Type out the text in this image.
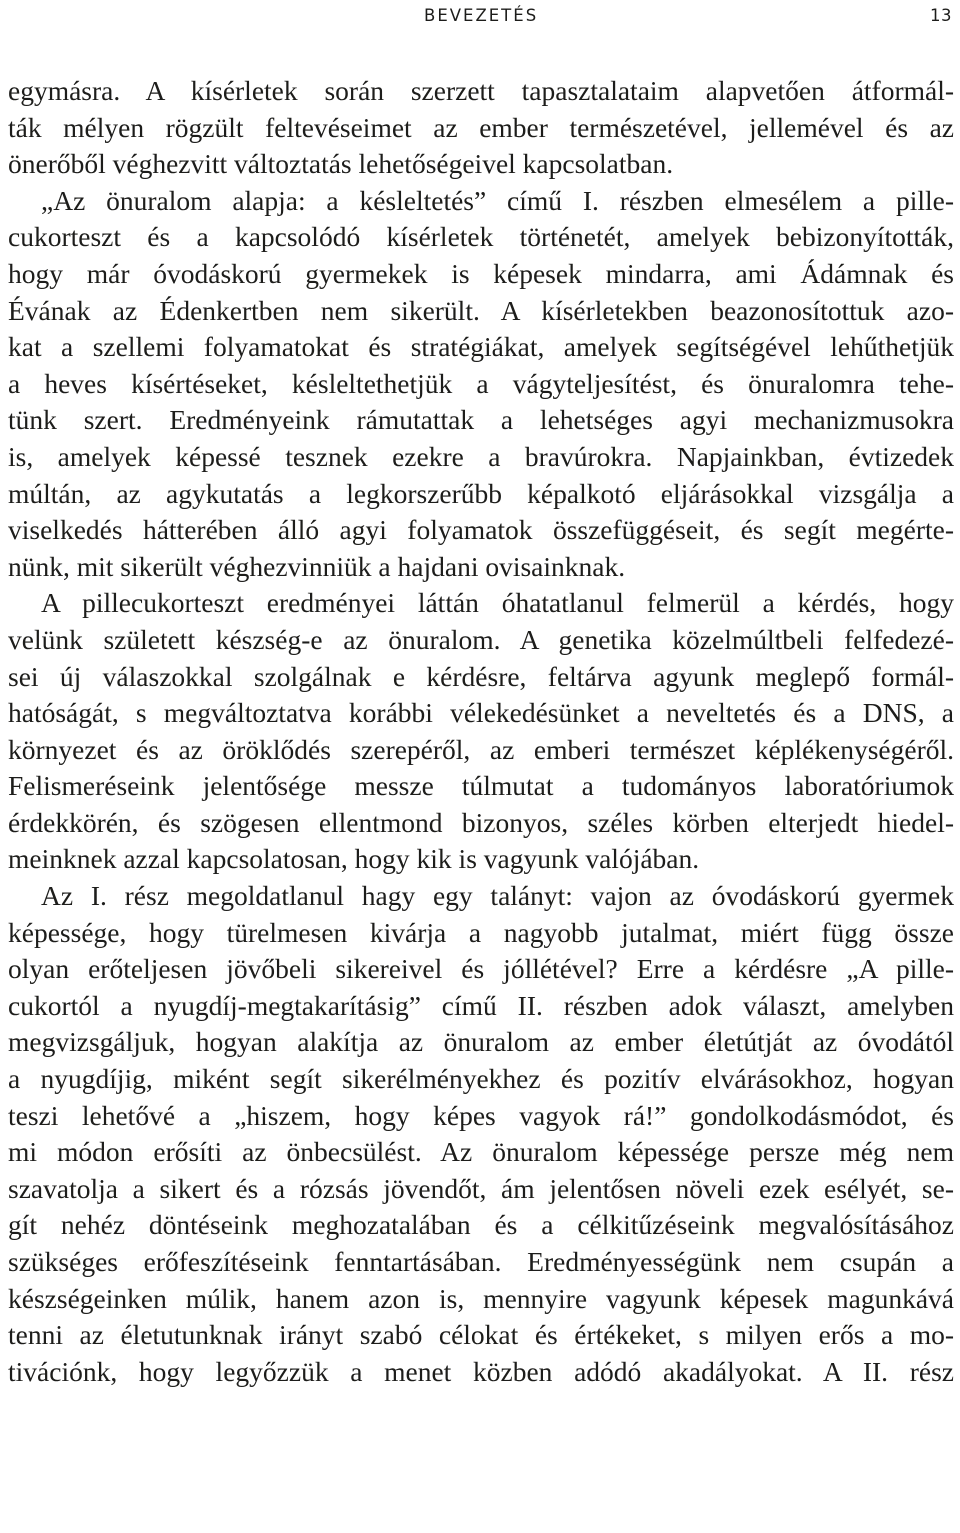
BEVEZETÉS	13
egymásra. A kísérletek során szerzett tapasztalataim alapvetően átformál-
ták mélyen rögzült feltevéseimet az ember természetével, jellemével és az
önerőből véghezvitt változtatás lehetőségeivel kapcsolatban.
„Az önuralom alapja: a késleltetés” című I. részben elmesélem a pille-
cukorteszt és a kapcsolódó kísérletek történetét, amelyek bebizonyították,
hogy már óvodáskorú gyermekek is képesek mindarra, ami Ádámnak és
Évának az Édenkertben nem sikerült. A kísérletekben beazonosítottuk azo-
kat a szellemi folyamatokat és stratégiákat, amelyek segítségével lehűthetjük
a heves kísértéseket, késleltethetjük a vágyteljesítést, és önuralomra tehe-
tünk szert. Eredményeink rámutattak a lehetséges agyi mechanizmusokra
is, amelyek képessé tesznek ezekre a bravúrokra. Napjainkban, évtizedek
múltán, az agykutatás a legkorszerűbb képalkotó eljárásokkal vizsgálja a
viselkedés hátterében álló agyi folyamatok összefüggéseit, és segít megérte-
nünk, mit sikerült véghezvinniük a hajdani ovisainknak.
A pillecukorteszt eredményei láttán óhatatlanul felmerül a kérdés, hogy
velünk született készség-e az önuralom. A genetika közelmúltbeli felfedezé-
sei új válaszokkal szolgálnak e kérdésre, feltárva agyunk meglepő formál-
hatóságát, s megváltoztatva korábbi vélekedésünket a neveltetés és a DNS, a
környezet és az öröklődés szerepéről, az emberi természet képlékenységéről.
Felismeréseink jelentősége messze túlmutat a tudományos laboratóriumok
érdekkörén, és szögesen ellentmond bizonyos, széles körben elterjedt hiedel-
meinknek azzal kapcsolatosan, hogy kik is vagyunk valójában.
Az I. rész megoldatlanul hagy egy talányt: vajon az óvodáskorú gyermek
képessége, hogy türelmesen kivárja a nagyobb jutalmat, miért függ össze
olyan erőteljesen jövőbeli sikereivel és jóllétével? Erre a kérdésre „A pille-
cukortól a nyugdíj-megtakarításig” című II. részben adok választ, amelyben
megvizsgáljuk, hogyan alakítja az önuralom az ember életútját az óvodától
a nyugdíjig, miként segít sikerélményekhez és pozitív elvárásokhoz, hogyan
teszi lehetővé a „hiszem, hogy képes vagyok rá!” gondolkodásmódot, és
mi módon erősíti az önbecsülést. Az önuralom képessége persze még nem
szavatolja a sikert és a rózsás jövendőt, ám jelentősen növeli ezek esélyét, se-
gít nehéz döntéseink meghozatalában és a célkitűzéseink megvalósításához
szükséges erőfeszítéseink fenntartásában. Eredményességünk nem csupán a
készségeinken múlik, hanem azon is, mennyire vagyunk képesek magunkává
tenni az életutunknak irányt szabó célokat és értékeket, s milyen erős a mo-
tivációnk, hogy legyőzzük a menet közben adódó akadályokat. A II. rész
